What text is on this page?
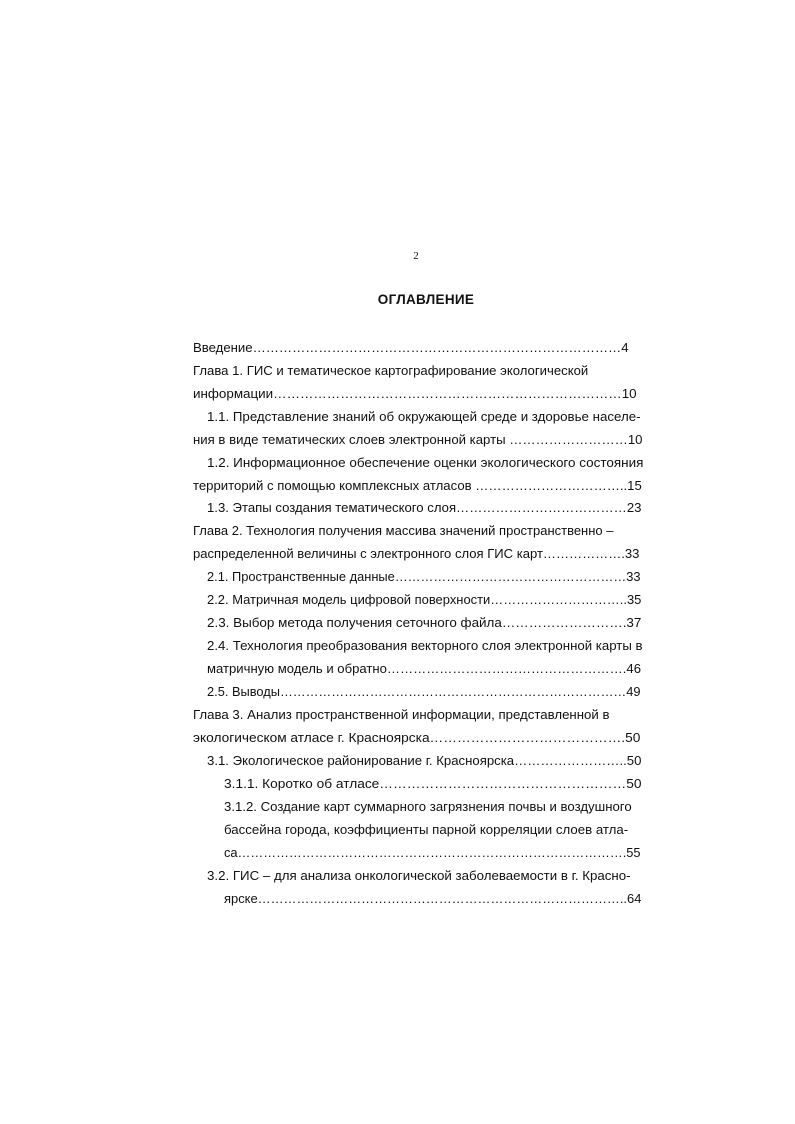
2
ОГЛАВЛЕНИЕ
Введение…………………………………………………………………………4
Глава 1. ГИС и тематическое картографирование экологической
информации……………………………………………………………………10
1.1. Представление знаний об окружающей среде и здоровье населе-
ния в виде тематических слоев электронной карты ………………………10
1.2. Информационное обеспечение оценки экологического состояния
территорий с помощью комплексных атласов ……………………………..15
1.3. Этапы создания тематического слоя…………………………………23
Глава 2. Технология получения массива значений пространственно –
распределенной величины с электронного слоя ГИС карт……………….33
2.1. Пространственные данные………………………………………………33
2.2. Матричная модель цифровой поверхности…………………………..35
2.3. Выбор метода получения сеточного файла……………………….37
2.4. Технология преобразования векторного слоя электронной карты в
матричную модель и обратно……………………………………………….46
2.5. Выводы………………………………………………………………………49
Глава 3. Анализ пространственной информации, представленной в
экологическом атласе г. Красноярска…………………………………….50
3.1. Экологическое районирование г. Красноярска……………………..50
3.1.1. Коротко об атласе………………………………………………50
3.1.2. Создание карт суммарного загрязнения почвы и воздушного
бассейна города, коэффициенты парной корреляции слоев атла-
са……………………………………………………………………………….55
3.2. ГИС – для анализа онкологической заболеваемости в г. Красно-
ярске…………………………………………………………………………..64
